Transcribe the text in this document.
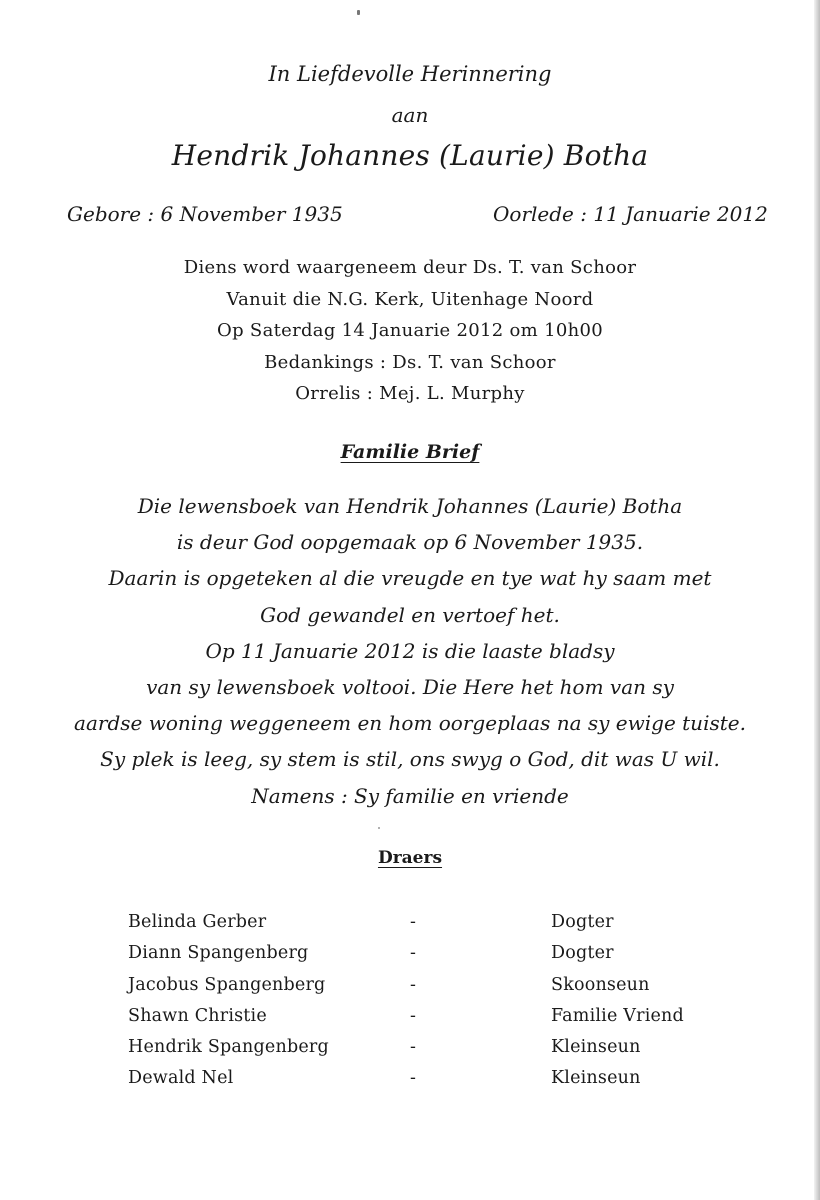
In Liefdevolle Herinnering
aan
Hendrik Johannes (Laurie) Botha
Gebore : 6 November 1935	Oorlede : 11 Januarie 2012
Diens word waargeneem deur Ds. T. van Schoor
Vanuit die N.G. Kerk, Uitenhage Noord
Op Saterdag 14 Januarie 2012 om 10h00
Bedankings : Ds. T. van Schoor
Orrelis : Mej. L. Murphy
Familie Brief
Die lewensboek van Hendrik Johannes (Laurie) Botha
is deur God oopgemaak op 6 November 1935.
Daarin is opgeteken al die vreugde en tye wat hy saam met
God gewandel en vertoef het.
Op 11 Januarie 2012 is die laaste bladsy
van sy lewensboek voltooi. Die Here het hom van sy
aardse woning weggeneem en hom oorgeplaas na sy ewige tuiste.
Sy plek is leeg, sy stem is stil, ons swyg o God, dit was U wil.
Namens : Sy familie en vriende
Draers
Belinda Gerber	-	Dogter
Diann Spangenberg	-	Dogter
Jacobus Spangenberg	-	Skoonseun
Shawn Christie	-	Familie Vriend
Hendrik Spangenberg	-	Kleinseun
Dewald Nel	-	Kleinseun
